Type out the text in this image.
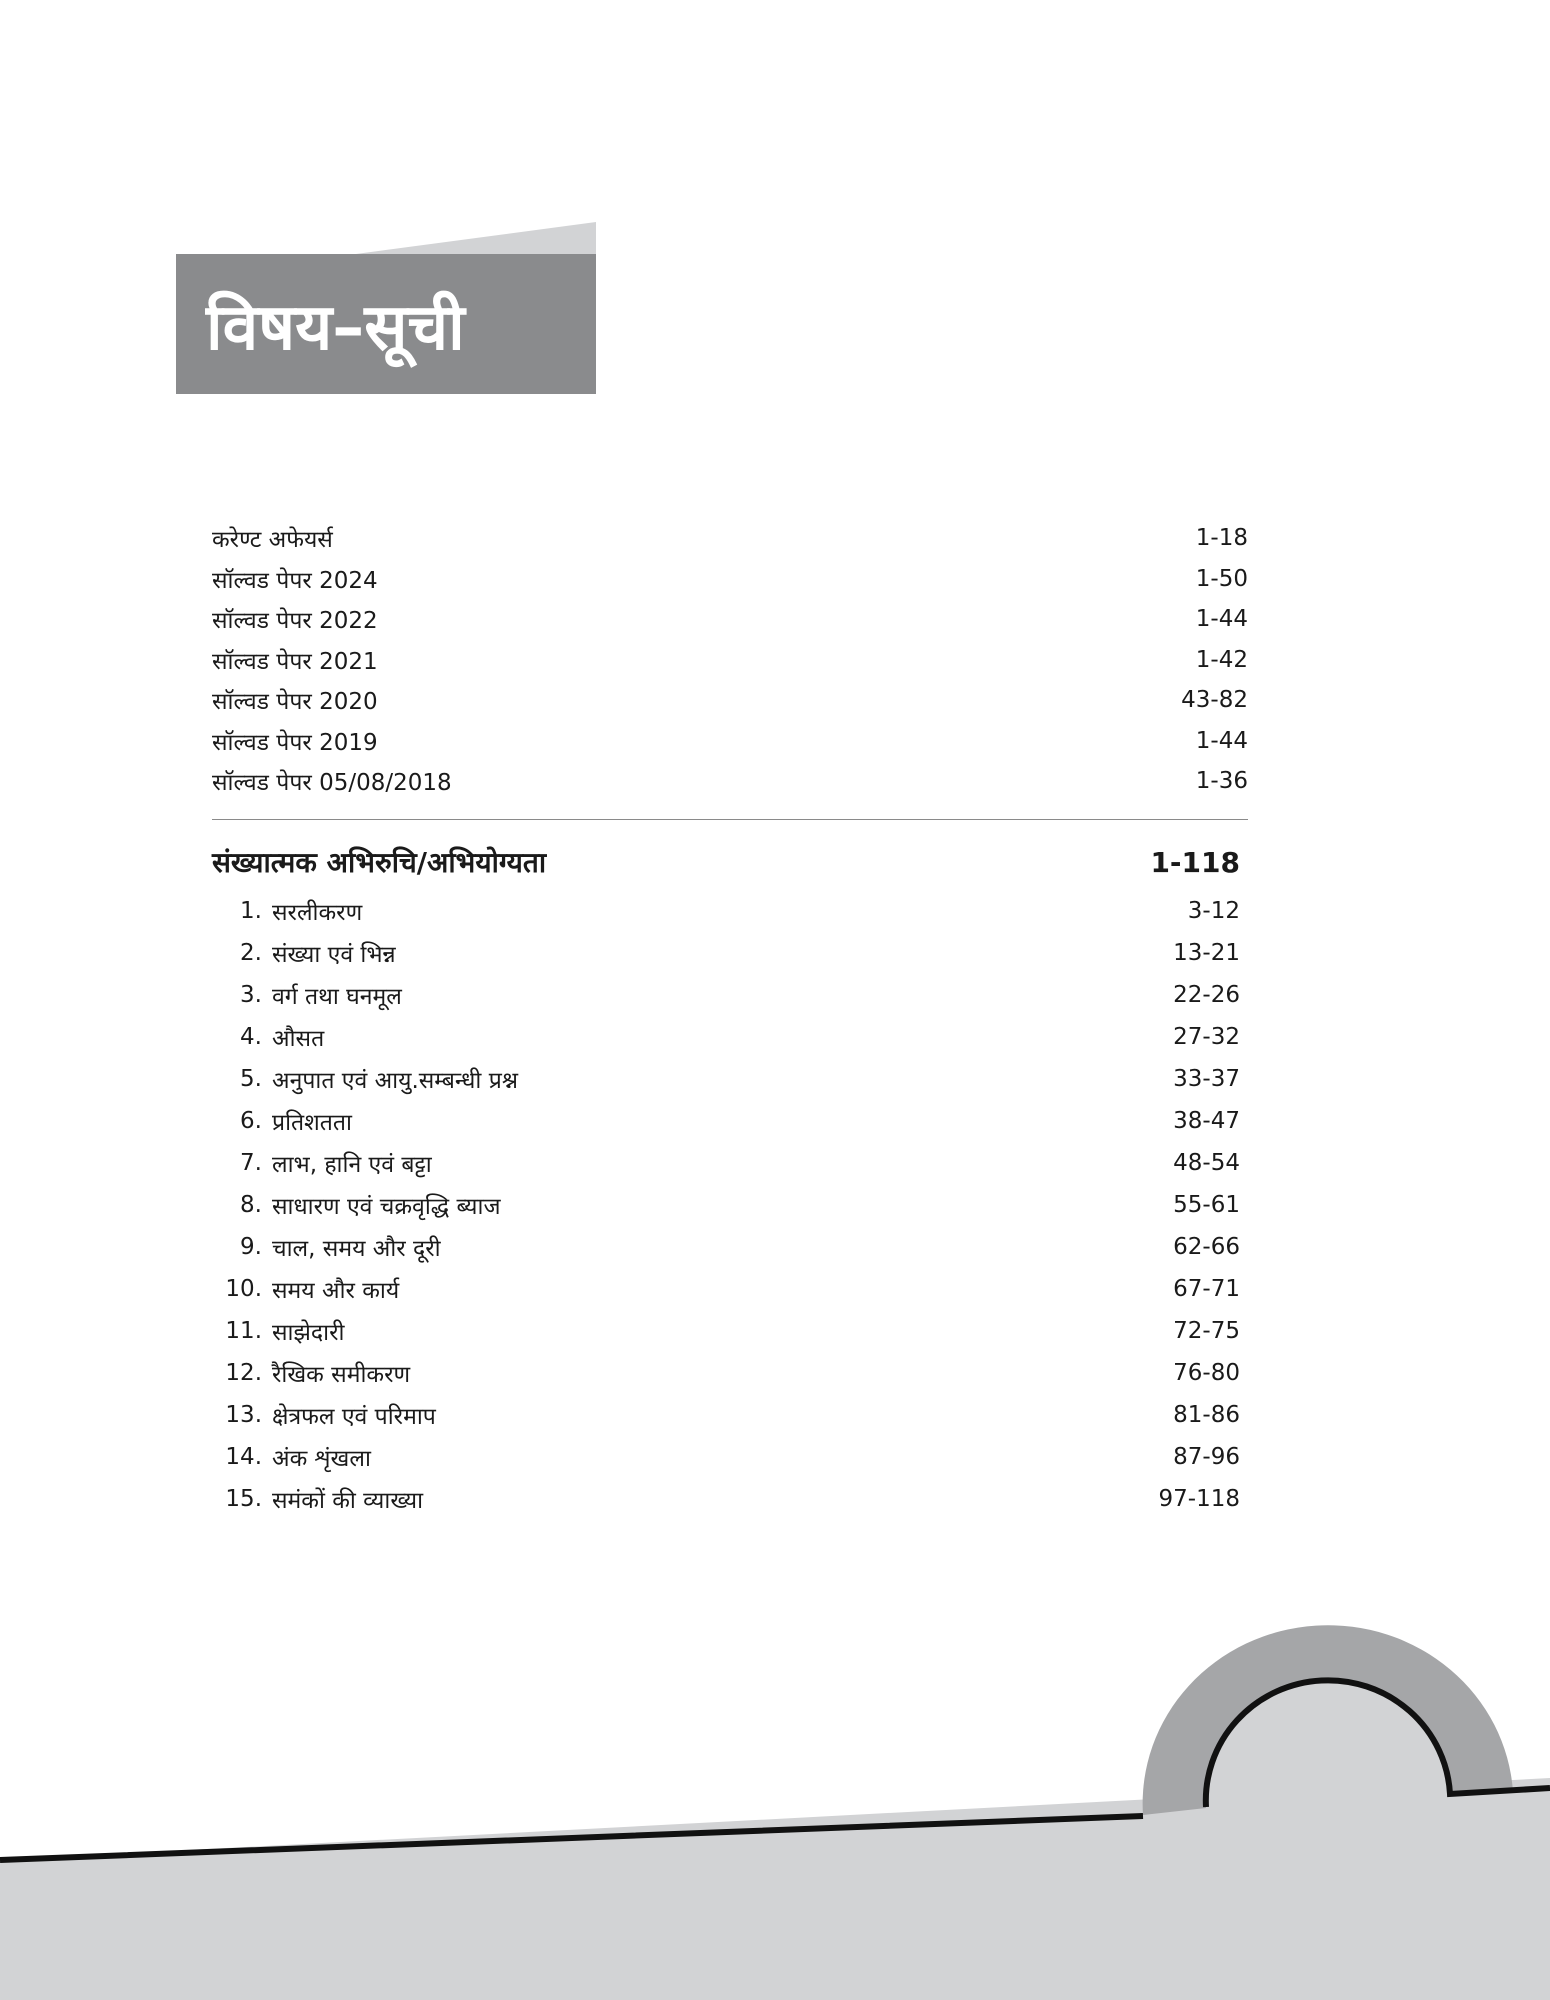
विषय–सूची
करेण्ट अफेयर्स	1-18
सॉल्वड पेपर 2024	1-50
सॉल्वड पेपर 2022	1-44
सॉल्वड पेपर 2021	1-42
सॉल्वड पेपर 2020	43-82
सॉल्वड पेपर 2019	1-44
सॉल्वड पेपर 05/08/2018	1-36
संख्यात्मक अभिरुचि/अभियोग्यता	1-118
1. सरलीकरण	3-12
2. संख्या एवं भिन्न	13-21
3. वर्ग तथा घनमूल	22-26
4. औसत	27-32
5. अनुपात एवं आयु.सम्बन्धी प्रश्न	33-37
6. प्रतिशतता	38-47
7. लाभ, हानि एवं बट्टा	48-54
8. साधारण एवं चक्रवृद्धि ब्याज	55-61
9. चाल, समय और दूरी	62-66
10. समय और कार्य	67-71
11. साझेदारी	72-75
12. रैखिक समीकरण	76-80
13. क्षेत्रफल एवं परिमाप	81-86
14. अंक शृंखला	87-96
15. समंकों की व्याख्या	97-118
